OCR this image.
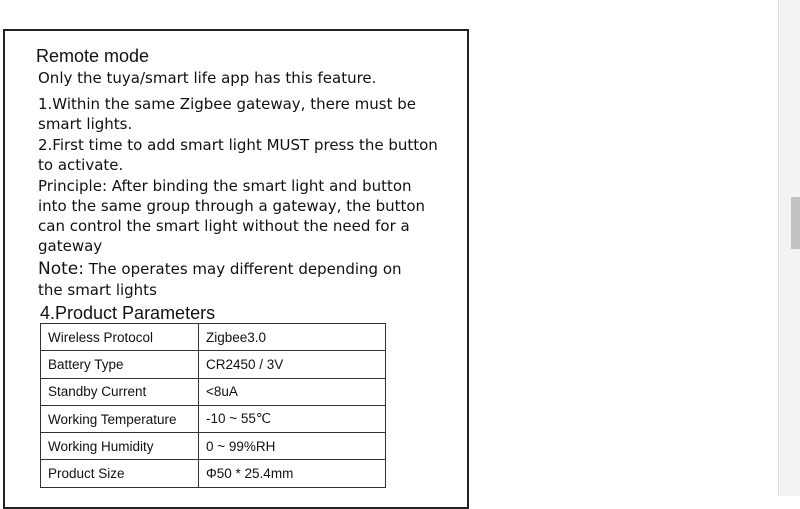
Remote mode
Only the tuya/smart life app has this feature.
1.Within the same Zigbee gateway, there must be
smart lights.
2.First time to add smart light MUST press the button
to activate.
Principle: After binding the smart light and button
into the same group through a gateway, the button
can control the smart light without the need for a
gateway
Note: The operates may different depending on
the smart lights
4.Product Parameters
Wireless Protocol	Zigbee3.0
Battery Type	CR2450 / 3V
Standby Current	<8uA
Working Temperature	-10 ~ 55℃
Working Humidity	0 ~ 99%RH
Product Size	Φ50 * 25.4mm
